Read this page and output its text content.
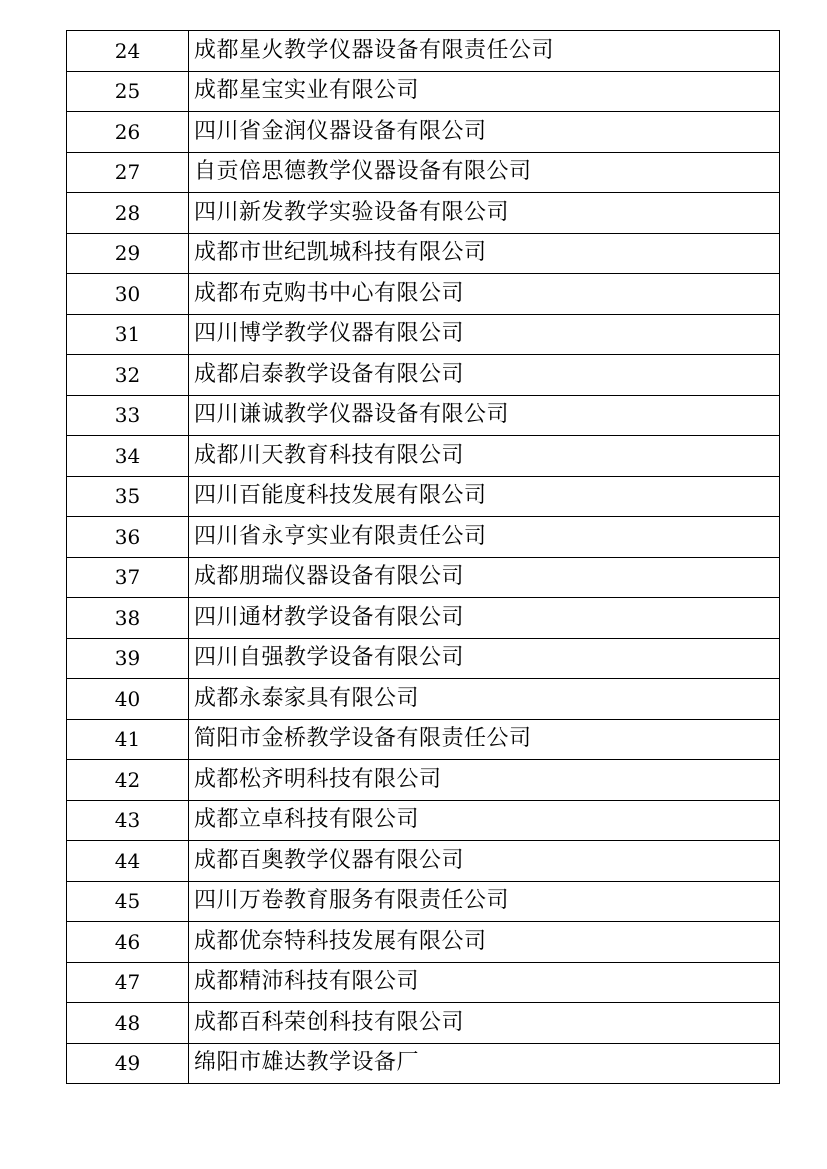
24	成都星火教学仪器设备有限责任公司
25	成都星宝实业有限公司
26	四川省金润仪器设备有限公司
27	自贡倍思德教学仪器设备有限公司
28	四川新发教学实验设备有限公司
29	成都市世纪凯城科技有限公司
30	成都布克购书中心有限公司
31	四川博学教学仪器有限公司
32	成都启泰教学设备有限公司
33	四川谦诚教学仪器设备有限公司
34	成都川天教育科技有限公司
35	四川百能度科技发展有限公司
36	四川省永亨实业有限责任公司
37	成都朋瑞仪器设备有限公司
38	四川通材教学设备有限公司
39	四川自强教学设备有限公司
40	成都永泰家具有限公司
41	简阳市金桥教学设备有限责任公司
42	成都松齐明科技有限公司
43	成都立卓科技有限公司
44	成都百奥教学仪器有限公司
45	四川万卷教育服务有限责任公司
46	成都优奈特科技发展有限公司
47	成都精沛科技有限公司
48	成都百科荣创科技有限公司
49	绵阳市雄达教学设备厂
